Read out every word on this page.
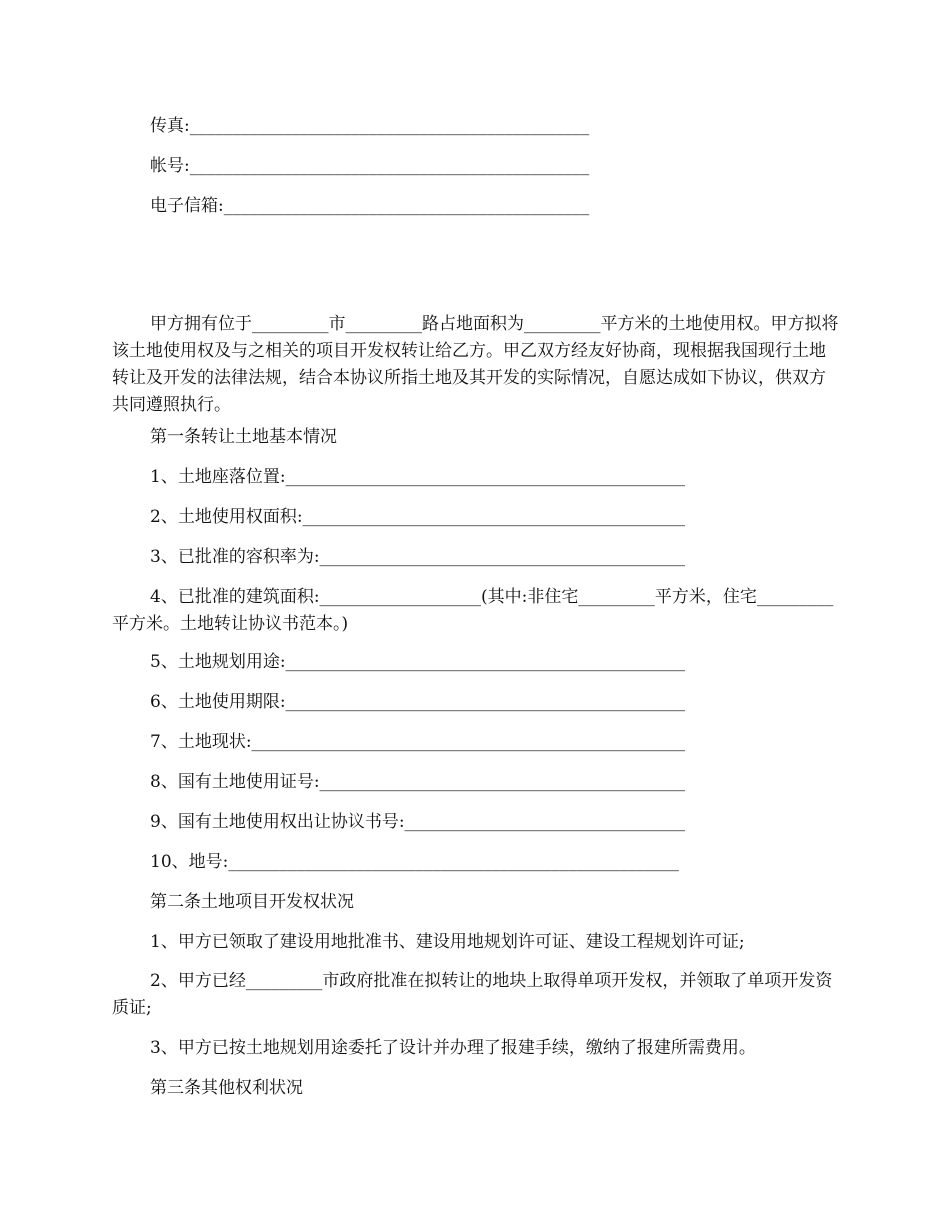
传真:_______________________________________________

帐号:_______________________________________________

电子信箱:___________________________________________

甲方拥有位于_________市_________路占地面积为_________平方米的土地使用权。甲方拟将该土地使用权及与之相关的项目开发权转让给乙方。甲乙双方经友好协商，现根据我国现行土地转让及开发的法律法规，结合本协议所指土地及其开发的实际情况，自愿达成如下协议，供双方共同遵照执行。

第一条转让土地基本情况

1、土地座落位置:_______________________________________________

2、土地使用权面积:_____________________________________________

3、已批准的容积率为:___________________________________________

4、已批准的建筑面积:___________________(其中:非住宅_________平方米，住宅_________平方米。土地转让协议书范本。)

5、土地规划用途:_______________________________________________

6、土地使用期限:_______________________________________________

7、土地现状:___________________________________________________

8、国有土地使用证号:___________________________________________

9、国有土地使用权出让协议书号:_________________________________

10、地号:_____________________________________________________

第二条土地项目开发权状况

1、甲方已领取了建设用地批准书、建设用地规划许可证、建设工程规划许可证;

2、甲方已经_________市政府批准在拟转让的地块上取得单项开发权，并领取了单项开发资质证;

3、甲方已按土地规划用途委托了设计并办理了报建手续，缴纳了报建所需费用。

第三条其他权利状况
